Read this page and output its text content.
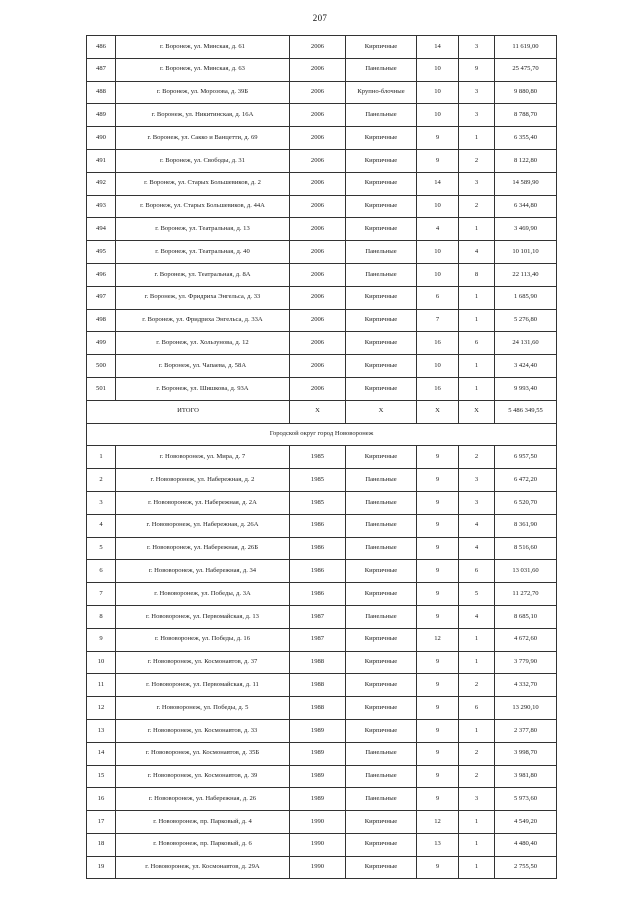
207
486	г. Воронеж, ул. Минская, д. 61	2006	Кирпичные	14	3	11 619,00
487	г. Воронеж, ул. Минская, д. 63	2006	Панельные	10	9	25 475,70
488	г. Воронеж, ул. Морозова, д. 39Б	2006	Крупно-блочные	10	3	9 880,80
489	г. Воронеж, ул. Никитинская, д. 16А	2006	Панельные	10	3	8 788,70
490	г. Воронеж, ул. Сакко и Ванцетти, д. 69	2006	Кирпичные	9	1	6 355,40
491	г. Воронеж, ул. Свободы, д. 31	2006	Кирпичные	9	2	8 122,80
492	г. Воронеж, ул. Старых Большевиков, д. 2	2006	Кирпичные	14	3	14 589,90
493	г. Воронеж, ул. Старых Большевиков, д. 44А	2006	Кирпичные	10	2	6 344,80
494	г. Воронеж, ул. Театральная, д. 13	2006	Кирпичные	4	1	3 469,90
495	г. Воронеж, ул. Театральная, д. 40	2006	Панельные	10	4	10 101,10
496	г. Воронеж, ул. Театральная, д. 8А	2006	Панельные	10	8	22 113,40
497	г. Воронеж, ул. Фридриха Энгельса, д. 33	2006	Кирпичные	6	1	1 685,90
498	г. Воронеж, ул. Фридриха Энгельса, д. 33А	2006	Кирпичные	7	1	5 276,80
499	г. Воронеж, ул. Хользунова, д. 12	2006	Кирпичные	16	6	24 131,60
500	г. Воронеж, ул. Чапаева, д. 58А	2006	Кирпичные	10	1	3 424,40
501	г. Воронеж, ул. Шишкова, д. 93А	2006	Кирпичные	16	1	9 993,40
ИТОГО		X	X	X	X	5 486 349,55
Городской округ город Нововоронеж						
1	г. Нововоронеж, ул. Мира, д. 7	1985	Кирпичные	9	2	6 957,50
2	г. Нововоронеж, ул. Набережная, д. 2	1985	Панельные	9	3	6 472,20
3	г. Нововоронеж, ул. Набережная, д. 2А	1985	Панельные	9	3	6 520,70
4	г. Нововоронеж, ул. Набережная, д. 26А	1986	Панельные	9	4	8 361,90
5	г. Нововоронеж, ул. Набережная, д. 26Б	1986	Панельные	9	4	8 516,60
6	г. Нововоронеж, ул. Набережная, д. 34	1986	Кирпичные	9	6	13 031,60
7	г. Нововоронеж, ул. Победы, д. 3А	1986	Кирпичные	9	5	11 272,70
8	г. Нововоронеж, ул. Первомайская, д. 13	1987	Панельные	9	4	8 685,10
9	г. Нововоронеж, ул. Победы, д. 16	1987	Кирпичные	12	1	4 672,60
10	г. Нововоронеж, ул. Космонавтов, д. 37	1988	Кирпичные	9	1	3 779,90
11	г. Нововоронеж, ул. Первомайская, д. 11	1988	Кирпичные	9	2	4 332,70
12	г. Нововоронеж, ул. Победы, д. 5	1988	Кирпичные	9	6	13 290,10
13	г. Нововоронеж, ул. Космонавтов, д. 33	1989	Кирпичные	9	1	2 377,80
14	г. Нововоронеж, ул. Космонавтов, д. 35Б	1989	Панельные	9	2	3 998,70
15	г. Нововоронеж, ул. Космонавтов, д. 39	1989	Панельные	9	2	3 981,80
16	г. Нововоронеж, ул. Набережная, д. 26	1989	Панельные	9	3	5 973,60
17	г. Нововоронеж, пр. Парковый, д. 4	1990	Кирпичные	12	1	4 549,20
18	г. Нововоронеж, пр. Парковый, д. 6	1990	Кирпичные	13	1	4 480,40
19	г. Нововоронеж, ул. Космонавтов, д. 29А	1990	Кирпичные	9	1	2 755,50
